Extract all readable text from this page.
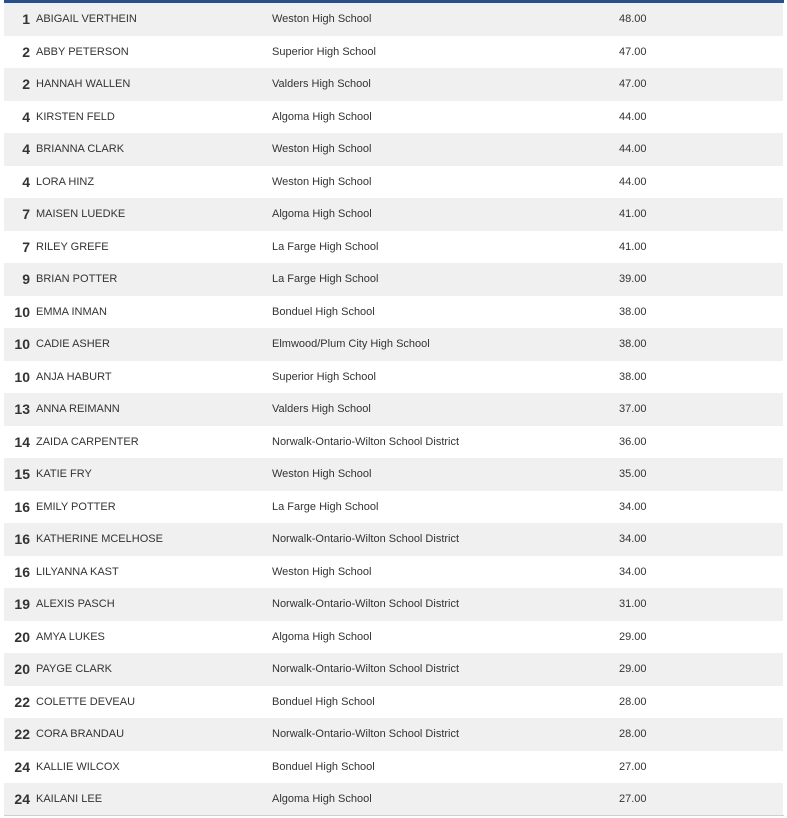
1 ABIGAIL VERTHEIN	Weston High School	48.00
2 ABBY PETERSON	Superior High School	47.00
2 HANNAH WALLEN	Valders High School	47.00
4 KIRSTEN FELD	Algoma High School	44.00
4 BRIANNA CLARK	Weston High School	44.00
4 LORA HINZ	Weston High School	44.00
7 MAISEN LUEDKE	Algoma High School	41.00
7 RILEY GREFE	La Farge High School	41.00
9 BRIAN POTTER	La Farge High School	39.00
10 EMMA INMAN	Bonduel High School	38.00
10 CADIE ASHER	Elmwood/Plum City High School	38.00
10 ANJA HABURT	Superior High School	38.00
13 ANNA REIMANN	Valders High School	37.00
14 ZAIDA CARPENTER	Norwalk-Ontario-Wilton School District	36.00
15 KATIE FRY	Weston High School	35.00
16 EMILY POTTER	La Farge High School	34.00
16 KATHERINE MCELHOSE	Norwalk-Ontario-Wilton School District	34.00
16 LILYANNA KAST	Weston High School	34.00
19 ALEXIS PASCH	Norwalk-Ontario-Wilton School District	31.00
20 AMYA LUKES	Algoma High School	29.00
20 PAYGE CLARK	Norwalk-Ontario-Wilton School District	29.00
22 COLETTE DEVEAU	Bonduel High School	28.00
22 CORA BRANDAU	Norwalk-Ontario-Wilton School District	28.00
24 KALLIE WILCOX	Bonduel High School	27.00
24 KAILANI LEE	Algoma High School	27.00
